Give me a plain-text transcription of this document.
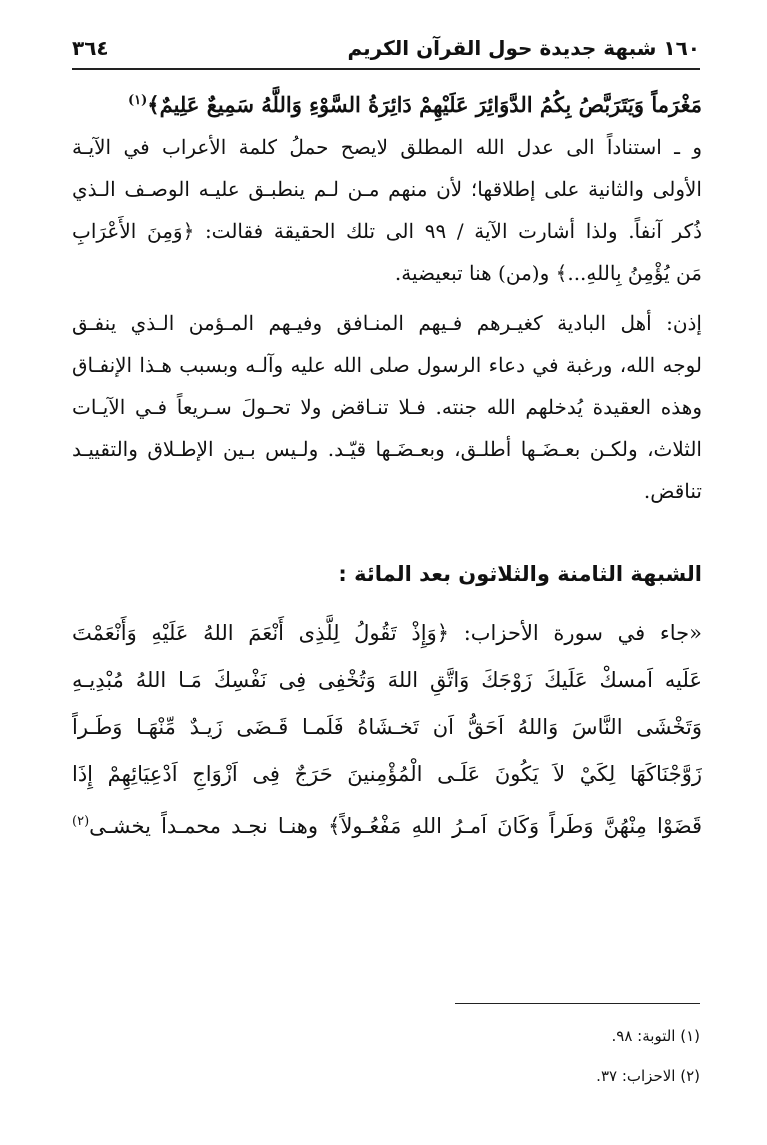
١٦٠ شبهة جديدة حول القرآن الكريم
٣٦٤
مَغْرَماً وَيَتَرَبَّصُ بِكُمُ الدَّوَائِرَ عَلَيْهِمْ دَائِرَةُ السَّوْءِ وَاللَّهُ سَمِيعٌ عَلِيمٌ﴾$^{(١)}$
و ـ استناداً الى عدل الله المطلق لايصح حملُ كلمة الأعراب في الآيـة
الأولى والثانية على إطلاقها؛ لأن منهم مـن لـم ينطبـق عليـه الوصـف الـذي
ذُكر آنفاً. ولذا أشارت الآية / ٩٩ الى تلك الحقيقة فقالت: ﴿وَمِنَ الأَعْرَابِ
مَن يُؤْمِنُ بِاللهِ...﴾ و(من) هنا تبعيضية.
إذن: أهل البادية كغيـرهم فـيهم المنـافق وفيـهم المـؤمن الـذي ينفـق
لوجه الله، ورغبة في دعاء الرسول صلى الله عليه وآلـه وبسبب هـذا الإنفـاق
وهذه العقيدة يُدخلهم الله جنته. فـلا تنـاقض ولا تحـولَ سـريعاً فـي الآيـات
الثلاث، ولكـن بعـضَـها أطلـق، وبعـضَـها قيّـد. ولـيس بـين الإطـلاق والتقييـد
تناقض.
الشبهة الثامنة والثلاثون بعد المائة :
«جاء في سورة الأحزاب: ﴿وَإِذْ تَقُولُ لِلَّذِى أَنْعَمَ اللهُ عَلَيْهِ وَأَنْعَمْتَ
عَلَيه اَمسكْ عَلَيكَ زَوْجَكَ وَاتَّقِ اللهَ وَتُخْفِى فِى نَفْسِكَ مَـا اللهُ مُبْدِيـهِ
وَتَخْشَى النَّاسَ وَاللهُ اَحَقُّ اَن تَخـشَاهُ فَلَمـا قَـضَى زَيـدٌ مِّنْهَـا وَطَـراً
زَوَّجْنَاكَهَا لِكَيْ لاَ يَكُونَ عَلَـى الْمُؤْمِنينَ حَرَجٌ فِى اَزْوَاجِ اَدْعِيَائِهِمْ إِذَا
قَضَوْا مِنْهُنَّ وَطَراً وَكَانَ اَمـرُ اللهِ مَفْعُـولاً﴾ وهنـا نجـد محمـداً يخشـى$^{(٢)}$
(١) التوبة: ٩٨.
(٢) الاحزاب: ٣٧.
